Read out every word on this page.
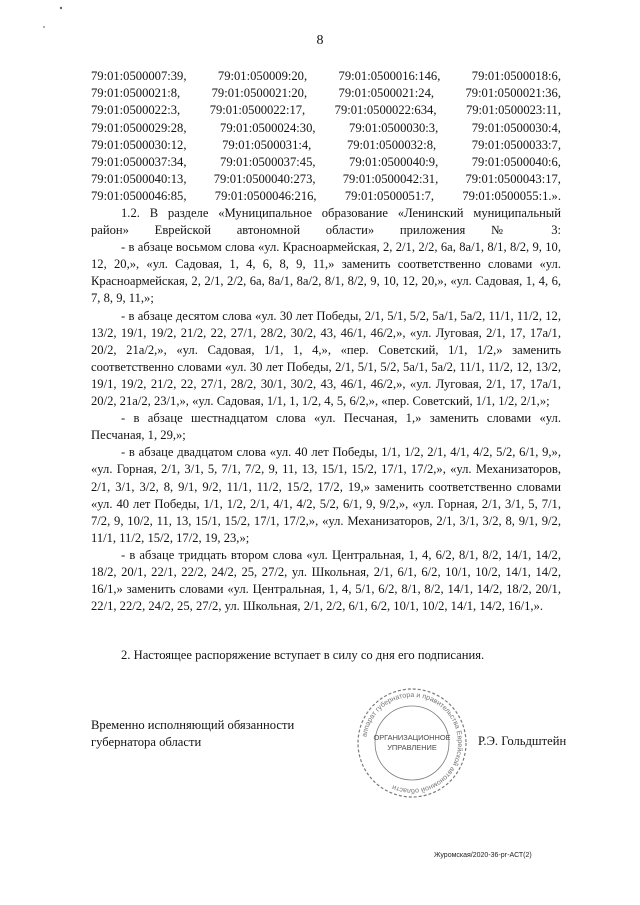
8
79:01:0500007:39, 79:01:050009:20, 79:01:0500016:146, 79:01:0500018:6,
79:01:0500021:8, 79:01:0500021:20, 79:01:0500021:24, 79:01:0500021:36,
79:01:0500022:3, 79:01:0500022:17, 79:01:0500022:634, 79:01:0500023:11,
79:01:0500029:28,	79:01:0500024:30,	79:01:0500030:3,	79:01:0500030:4,
79:01:0500030:12,	79:01:0500031:4,	79:01:0500032:8,	79:01:0500033:7,
79:01:0500037:34,	79:01:0500037:45,	79:01:0500040:9,	79:01:0500040:6,
79:01:0500040:13, 79:01:0500040:273, 79:01:0500042:31, 79:01:0500043:17,
79:01:0500046:85, 79:01:0500046:216, 79:01:0500051:7, 79:01:0500055:1.».
1.2. В разделе «Муниципальное образование «Ленинский муниципальный район» Еврейской автономной области» приложения № 3:
- в абзаце восьмом слова «ул. Красноармейская, 2, 2/1, 2/2, 6а, 8а/1, 8/1, 8/2, 9, 10, 12, 20,», «ул. Садовая, 1, 4, 6, 8, 9, 11,» заменить соответственно словами «ул. Красноармейская, 2, 2/1, 2/2, 6а, 8а/1, 8а/2, 8/1, 8/2, 9, 10, 12, 20,», «ул. Садовая, 1, 4, 6, 7, 8, 9, 11,»;
- в абзаце десятом слова «ул. 30 лет Победы, 2/1, 5/1, 5/2, 5а/1, 5а/2, 11/1, 11/2, 12, 13/2, 19/1, 19/2, 21/2, 22, 27/1, 28/2, 30/2, 43, 46/1, 46/2,», «ул. Луговая, 2/1, 17, 17а/1, 20/2, 21а/2,», «ул. Садовая, 1/1, 1, 4,», «пер. Советский, 1/1, 1/2,» заменить соответственно словами «ул. 30 лет Победы, 2/1, 5/1, 5/2, 5а/1, 5а/2, 11/1, 11/2, 12, 13/2, 19/1, 19/2, 21/2, 22, 27/1, 28/2, 30/1, 30/2, 43, 46/1, 46/2,», «ул. Луговая, 2/1, 17, 17а/1, 20/2, 21а/2, 23/1,», «ул. Садовая, 1/1, 1, 1/2, 4, 5, 6/2,», «пер. Советский, 1/1, 1/2, 2/1,»;
- в абзаце шестнадцатом слова «ул. Песчаная, 1,» заменить словами «ул. Песчаная, 1, 29,»;
- в абзаце двадцатом слова «ул. 40 лет Победы, 1/1, 1/2, 2/1, 4/1, 4/2, 5/2, 6/1, 9,», «ул. Горная, 2/1, 3/1, 5, 7/1, 7/2, 9, 11, 13, 15/1, 15/2, 17/1, 17/2,», «ул. Механизаторов, 2/1, 3/1, 3/2, 8, 9/1, 9/2, 11/1, 11/2, 15/2, 17/2, 19,» заменить соответственно словами «ул. 40 лет Победы, 1/1, 1/2, 2/1, 4/1, 4/2, 5/2, 6/1, 9, 9/2,», «ул. Горная, 2/1, 3/1, 5, 7/1, 7/2, 9, 10/2, 11, 13, 15/1, 15/2, 17/1, 17/2,», «ул. Механизаторов, 2/1, 3/1, 3/2, 8, 9/1, 9/2, 11/1, 11/2, 15/2, 17/2, 19, 23,»;
- в абзаце тридцать втором слова «ул. Центральная, 1, 4, 6/2, 8/1, 8/2, 14/1, 14/2, 18/2, 20/1, 22/1, 22/2, 24/2, 25, 27/2, ул. Школьная, 2/1, 6/1, 6/2, 10/1, 10/2, 14/1, 14/2, 16/1,» заменить словами «ул. Центральная, 1, 4, 5/1, 6/2, 8/1, 8/2, 14/1, 14/2, 18/2, 20/1, 22/1, 22/2, 24/2, 25, 27/2, ул. Школьная, 2/1, 2/2, 6/1, 6/2, 10/1, 10/2, 14/1, 14/2, 16/1,».
2. Настоящее распоряжение вступает в силу со дня его подписания.
Временно исполняющий обязанности
губернатора области
аппарат губернатора и правительства Еврейской автономной области
ОРГАНИЗАЦИОННОЕ
УПРАВЛЕНИЕ	Р.Э. Гольдштейн
Журомская/2020-36-рг-АСТ(2)
